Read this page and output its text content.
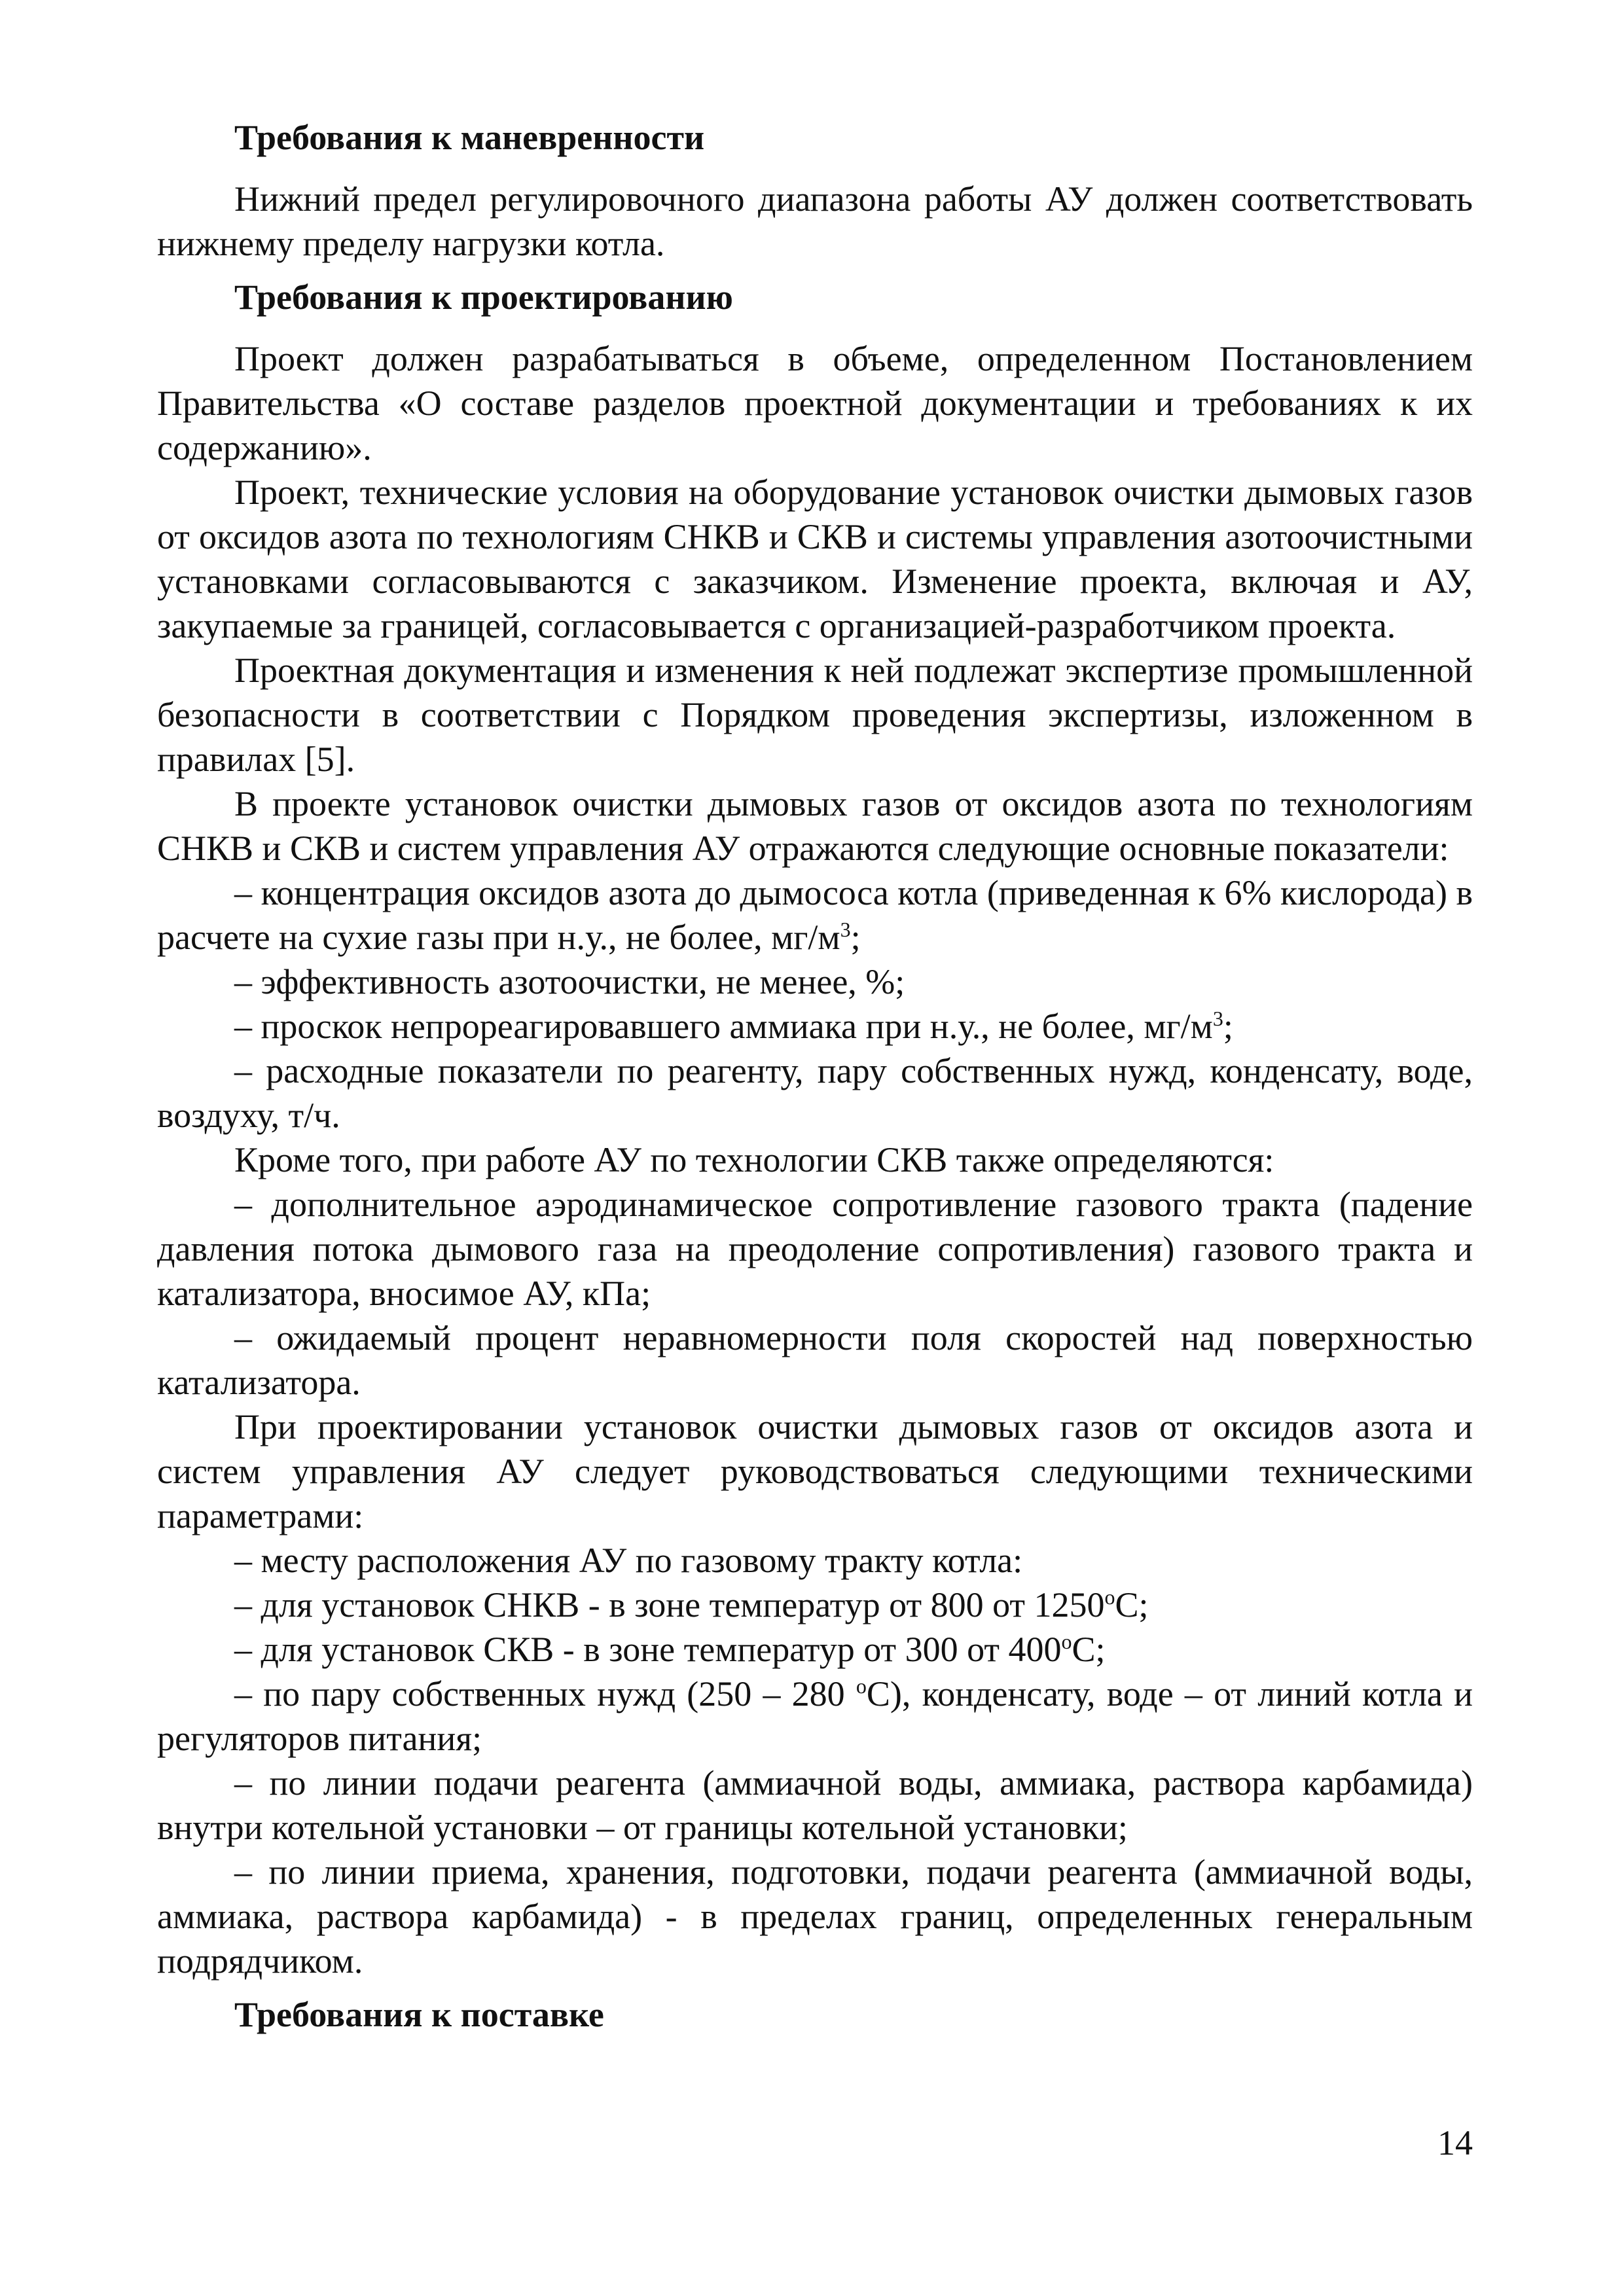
Требования к маневренности

Нижний предел регулировочного диапазона работы АУ должен соответствовать нижнему пределу нагрузки котла.

Требования к проектированию

Проект должен разрабатываться в объеме, определенном Постановлением Правительства «О составе разделов проектной документации и требованиях к их содержанию».

Проект, технические условия на оборудование установок очистки дымовых газов от оксидов азота по технологиям СНКВ и СКВ и системы управления азотоочистными установками согласовываются с заказчиком. Изменение проекта, включая и АУ, закупаемые за границей, согласовывается с организацией-разработчиком проекта.

Проектная документация и изменения к ней подлежат экспертизе промышленной безопасности в соответствии с Порядком проведения экспертизы, изложенном в правилах [5].

В проекте установок очистки дымовых газов от оксидов азота по технологиям СНКВ и СКВ и систем управления АУ отражаются следующие основные показатели:

– концентрация оксидов азота до дымососа котла (приведенная к 6% кислорода) в расчете на сухие газы при н.у., не более, $мг/м^3$;

– эффективность азотоочистки, не менее, %;

– проскок непрореагировавшего аммиака при н.у., не более, $мг/м^3$;

– расходные показатели по реагенту, пару собственных нужд, конденсату, воде, воздуху, т/ч.

Кроме того, при работе АУ по технологии СКВ также определяются:

– дополнительное аэродинамическое сопротивление газового тракта (падение давления потока дымового газа на преодоление сопротивления) газового тракта и катализатора, вносимое АУ, кПа;

– ожидаемый процент неравномерности поля скоростей над поверхностью катализатора.

При проектировании установок очистки дымовых газов от оксидов азота и систем управления АУ следует руководствоваться следующими техническими параметрами:

– месту расположения АУ по газовому тракту котла:

– для установок СНКВ - в зоне температур от 800 от $1250^оС$;

– для установок СКВ - в зоне температур от 300 от $400^оС$;

– по пару собственных нужд (250 – 280 $^о$С), конденсату, воде – от линий котла и регуляторов питания;

– по линии подачи реагента (аммиачной воды, аммиака, раствора карбамида) внутри котельной установки – от границы котельной установки;

– по линии приема, хранения, подготовки, подачи реагента (аммиачной воды, аммиака, раствора карбамида) - в пределах границ, определенных генеральным подрядчиком.

Требования к поставке
14
